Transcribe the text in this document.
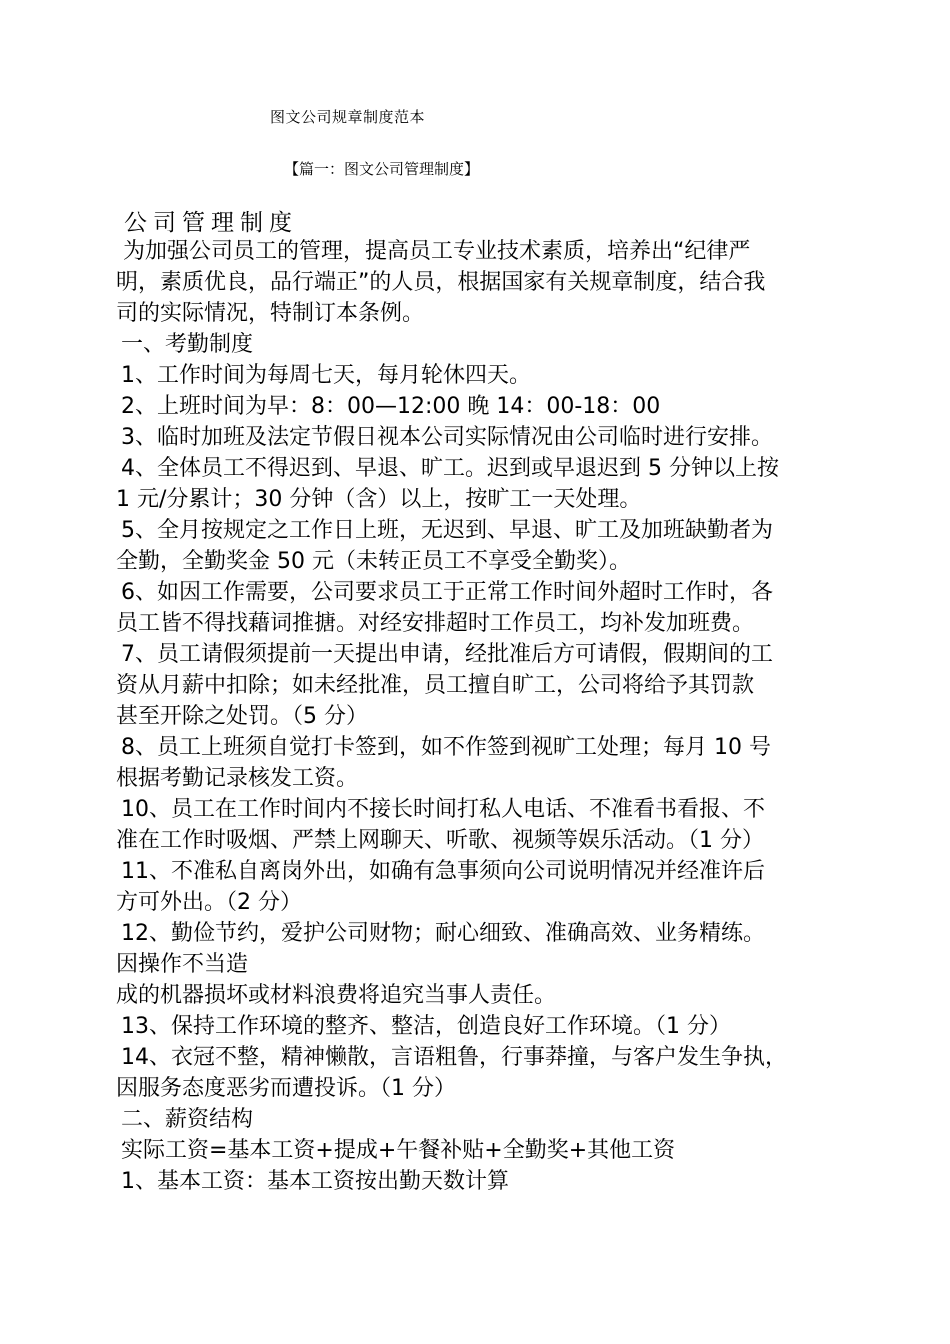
图文公司规章制度范本
【篇一：图文公司管理制度】
公司管理制度

为加强公司员工的管理，提高员工专业技术素质，培养出“纪律严

明，素质优良，品行端正”的人员，根据国家有关规章制度，结合我

司的实际情况，特制订本条例。

一、考勤制度

1、工作时间为每周七天，每月轮休四天。

2、上班时间为早：8：00—12:00 晚 14：00-18：00

3、临时加班及法定节假日视本公司实际情况由公司临时进行安排。

4、全体员工不得迟到、早退、旷工。迟到或早退迟到 5 分钟以上按

1 元/分累计；30 分钟（含）以上，按旷工一天处理。

5、全月按规定之工作日上班，无迟到、早退、旷工及加班缺勤者为

全勤，全勤奖金 50 元（未转正员工不享受全勤奖）。

6、如因工作需要，公司要求员工于正常工作时间外超时工作时，各

员工皆不得找藉词推搪。对经安排超时工作员工，均补发加班费。

7、员工请假须提前一天提出申请，经批准后方可请假，假期间的工

资从月薪中扣除；如未经批准，员工擅自旷工，公司将给予其罚款

甚至开除之处罚。（5 分）

8、员工上班须自觉打卡签到，如不作签到视旷工处理；每月 10 号

根据考勤记录核发工资。

10、员工在工作时间内不接长时间打私人电话、不准看书看报、不

准在工作时吸烟、严禁上网聊天、听歌、视频等娱乐活动。（1 分）

11、不准私自离岗外出，如确有急事须向公司说明情况并经准许后

方可外出。（2 分）

12、勤俭节约，爱护公司财物；耐心细致、准确高效、业务精练。

因操作不当造

成的机器损坏或材料浪费将追究当事人责任。

13、保持工作环境的整齐、整洁，创造良好工作环境。（1 分）

14、衣冠不整，精神懒散，言语粗鲁，行事莽撞，与客户发生争执，

因服务态度恶劣而遭投诉。（1 分）

二、薪资结构

实际工资=基本工资+提成+午餐补贴+全勤奖+其他工资

1、基本工资：基本工资按出勤天数计算
